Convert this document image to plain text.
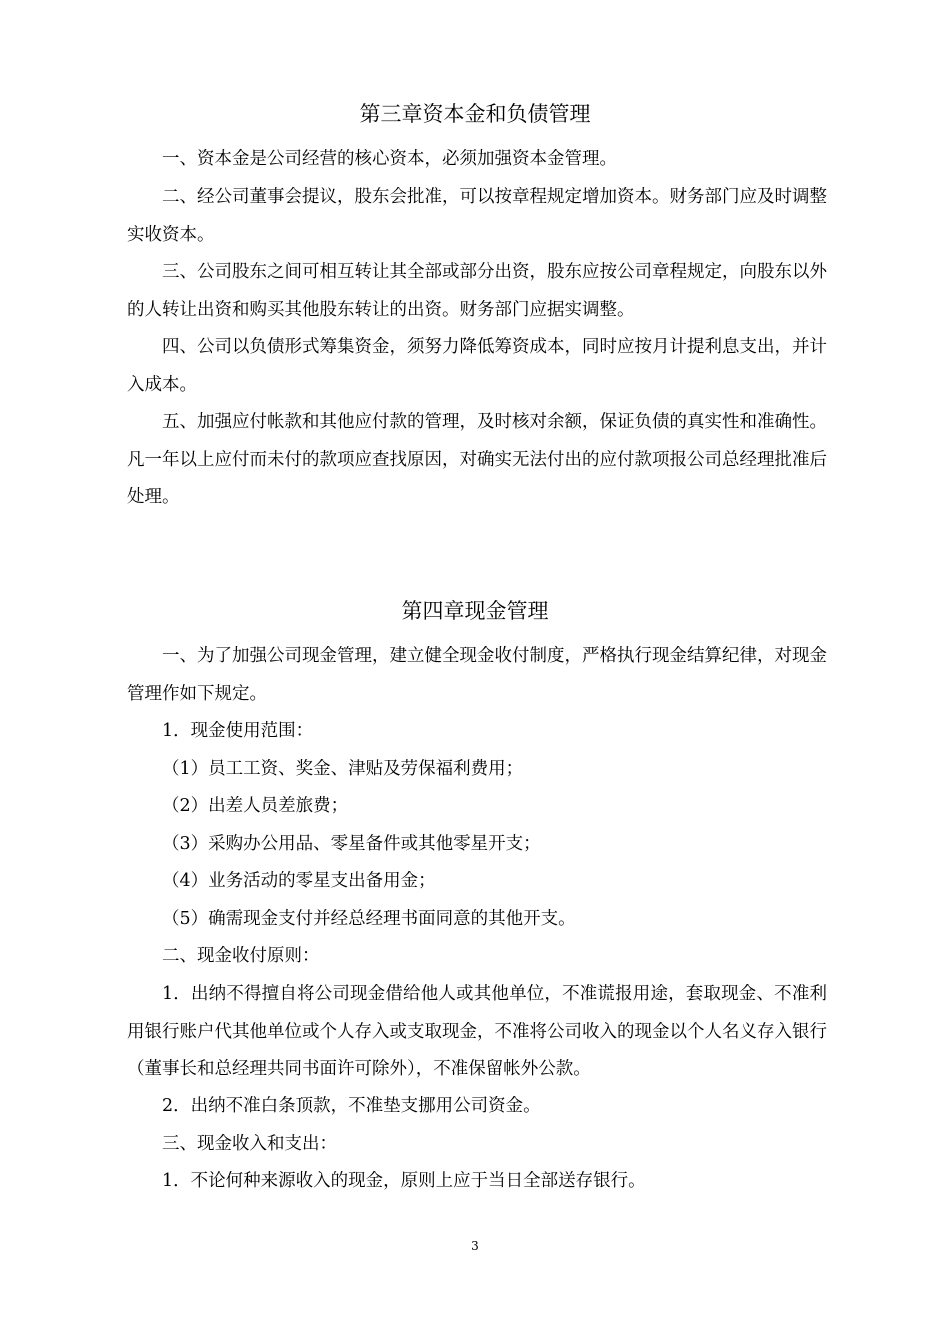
第三章资本金和负债管理

一、资本金是公司经营的核心资本，必须加强资本金管理。

二、经公司董事会提议，股东会批准，可以按章程规定增加资本。财务部门应及时调整实收资本。

三、公司股东之间可相互转让其全部或部分出资，股东应按公司章程规定，向股东以外的人转让出资和购买其他股东转让的出资。财务部门应据实调整。

四、公司以负债形式筹集资金，须努力降低筹资成本，同时应按月计提利息支出，并计入成本。

五、加强应付帐款和其他应付款的管理，及时核对余额，保证负债的真实性和准确性。凡一年以上应付而未付的款项应查找原因，对确实无法付出的应付款项报公司总经理批准后处理。

第四章现金管理

一、为了加强公司现金管理，建立健全现金收付制度，严格执行现金结算纪律，对现金管理作如下规定。

1．现金使用范围：

（1）员工工资、奖金、津贴及劳保福利费用；

（2）出差人员差旅费；

（3）采购办公用品、零星备件或其他零星开支；

（4）业务活动的零星支出备用金；

（5）确需现金支付并经总经理书面同意的其他开支。

二、现金收付原则：

1．出纳不得擅自将公司现金借给他人或其他单位，不准谎报用途，套取现金、不准利用银行账户代其他单位或个人存入或支取现金，不准将公司收入的现金以个人名义存入银行（董事长和总经理共同书面许可除外），不准保留帐外公款。

2．出纳不准白条顶款，不准垫支挪用公司资金。

三、现金收入和支出：

1．不论何种来源收入的现金，原则上应于当日全部送存银行。

3
